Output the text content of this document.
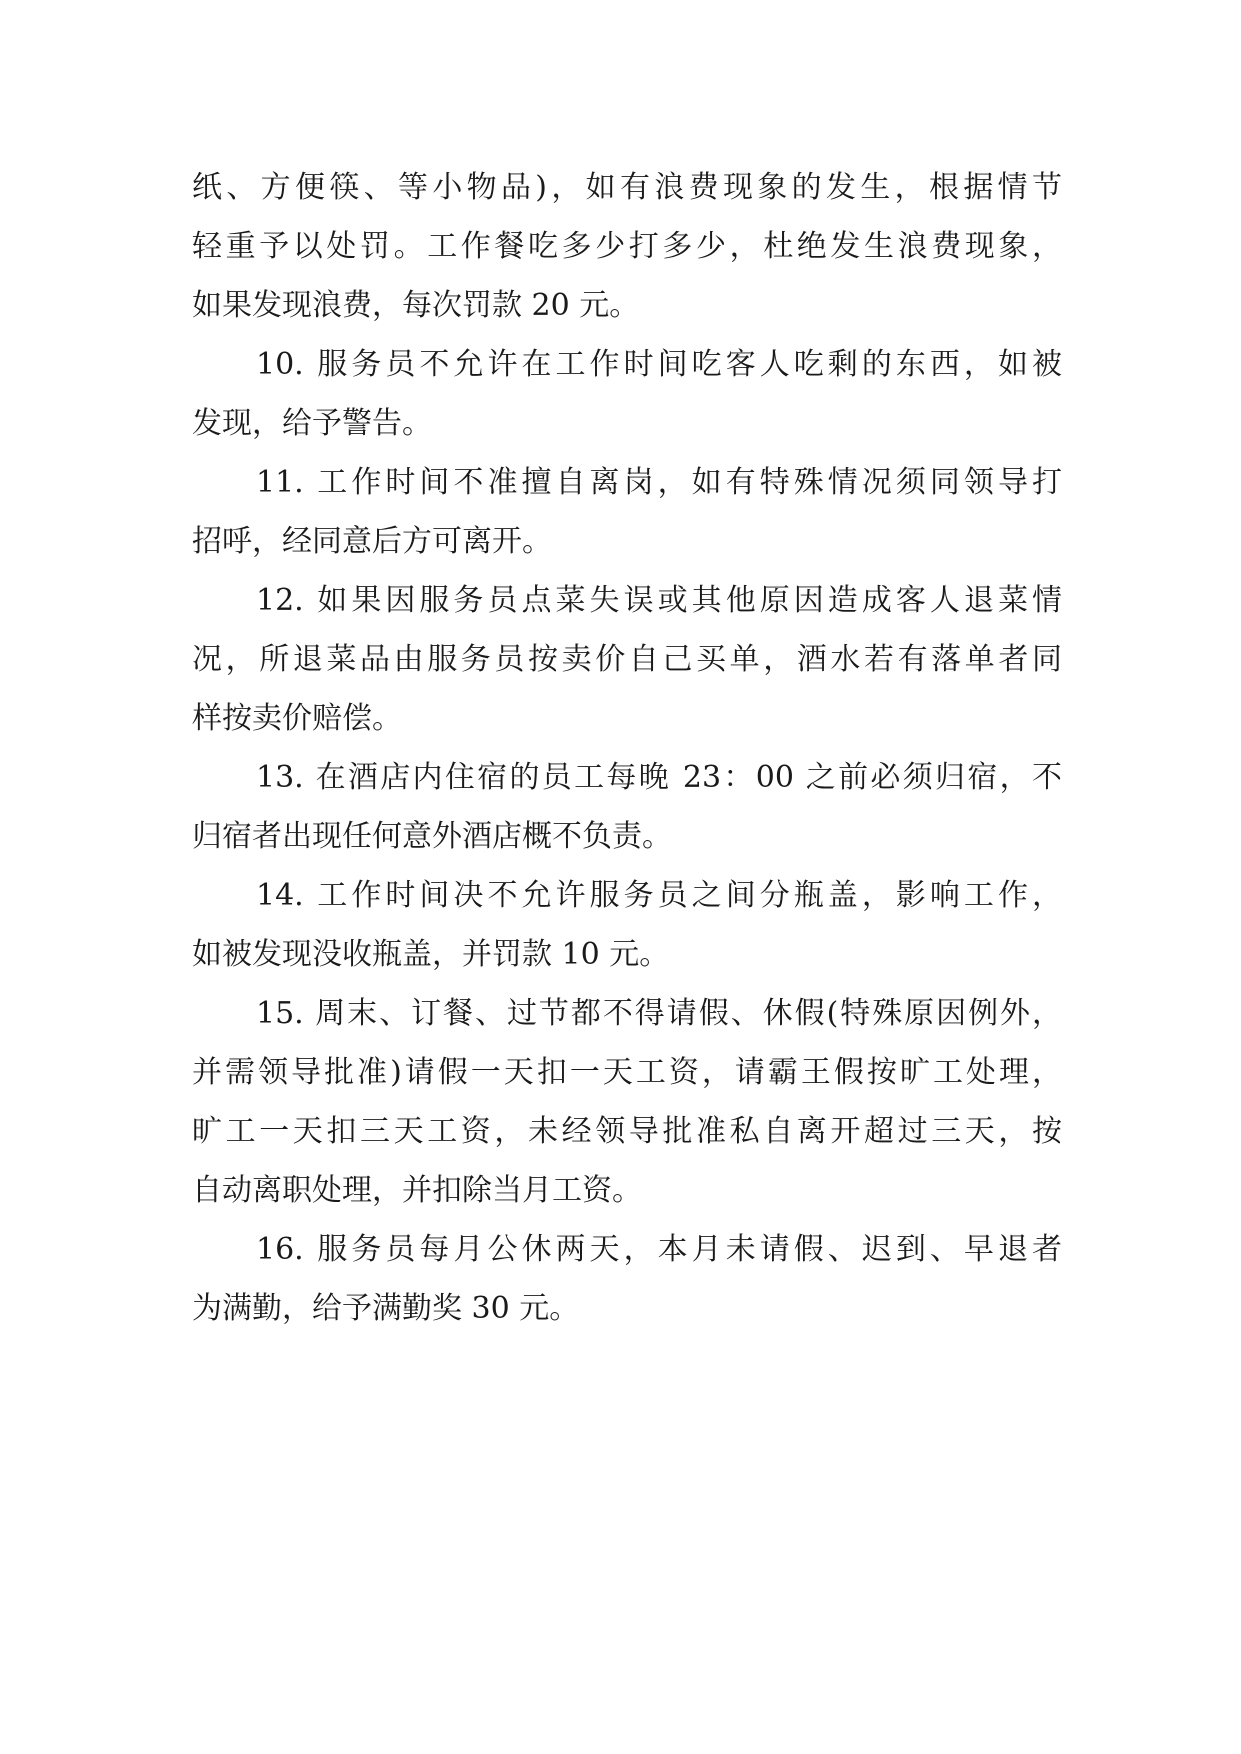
纸、方便筷、等小物品)，如有浪费现象的发生，根据情节
轻重予以处罚。工作餐吃多少打多少，杜绝发生浪费现象，
如果发现浪费，每次罚款 20 元。
10. 服务员不允许在工作时间吃客人吃剩的东西，如被
发现，给予警告。
11. 工作时间不准擅自离岗，如有特殊情况须同领导打
招呼，经同意后方可离开。
12. 如果因服务员点菜失误或其他原因造成客人退菜情
况，所退菜品由服务员按卖价自己买单，酒水若有落单者同
样按卖价赔偿。
13. 在酒店内住宿的员工每晚 23：00 之前必须归宿，不
归宿者出现任何意外酒店概不负责。
14. 工作时间决不允许服务员之间分瓶盖，影响工作，
如被发现没收瓶盖，并罚款 10 元。
15. 周末、订餐、过节都不得请假、休假(特殊原因例外，
并需领导批准)请假一天扣一天工资，请霸王假按旷工处理，
旷工一天扣三天工资，未经领导批准私自离开超过三天，按
自动离职处理，并扣除当月工资。
16. 服务员每月公休两天，本月未请假、迟到、早退者
为满勤，给予满勤奖 30 元。
